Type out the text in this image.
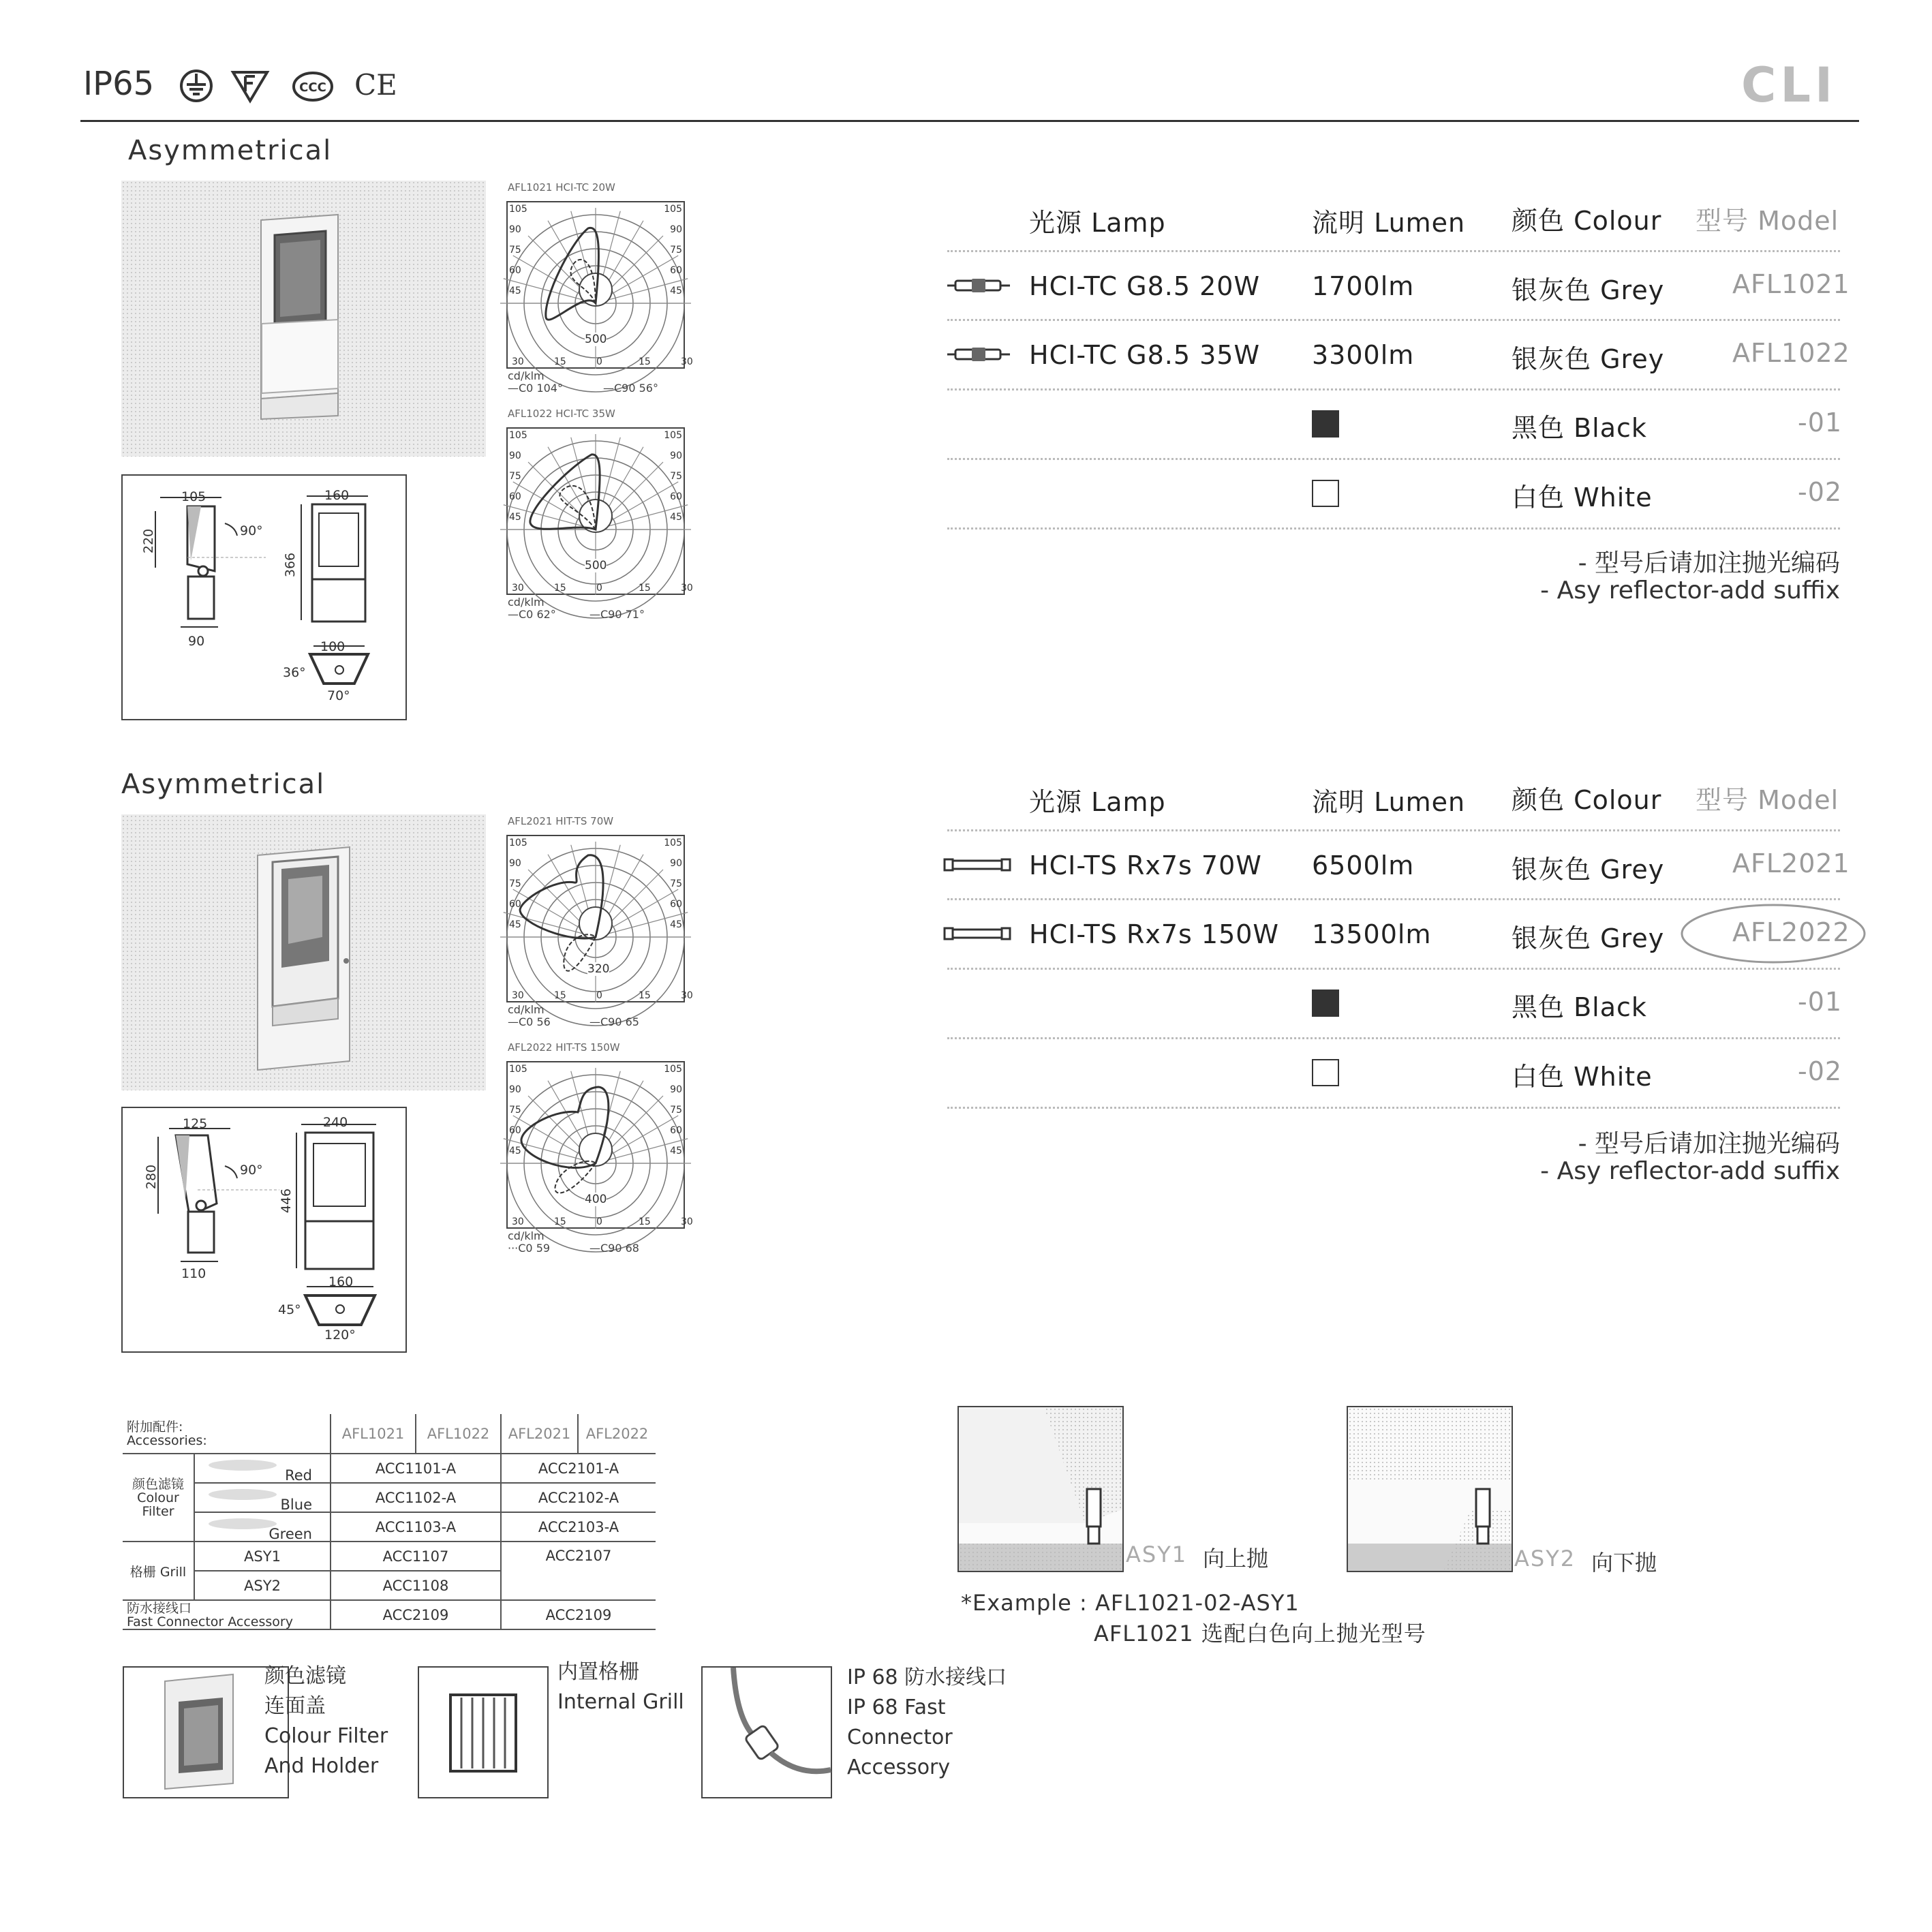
IP65	CCC CE	CLI
Asymmetrical
105	160
220
366
90°
90	100
36°
70°
AFL1021 HCI-TC 20W
105
90
75
60
45
105
90
75
60
45
30	15	0	15	30
cd/klm
—C0 104°	—C90 56°
500
AFL1022 HCI-TC 35W
105
90
75
60
45
105
90
75
60
45
30	15	0	15	30
cd/klm
—C0 62°	—C90 71°
500
光源 Lamp	流明 Lumen 颜色 Colour 型号 Model
HCI-TC G8.5 20W 1700lm	银灰色 Grey	AFL1021
HCI-TC G8.5 35W 3300lm	银灰色 Grey	AFL1022
黑色 Black	-01
白色 White	-02
- 型号后请加注抛光编码
- Asy reflector-add suffix
Asymmetrical
125	240
280
446
90°
110
160
45°
120°
AFL2021 HIT-TS 70W
105
90
75
60
45
105
90
75
60
45
30	15	0	15	30
cd/klm
—C0 56	—C90 65
320
AFL2022 HIT-TS 150W
105
90
75
60
45
105
90
75
60
45
30	15	0	15	30
cd/klm
···C0 59	—C90 68
400
光源 Lamp	流明 Lumen 颜色 Colour 型号 Model
HCI-TS Rx7s 70W 6500lm	银灰色 Grey	AFL2021
HCI-TS Rx7s 150W 13500lm	银灰色 Grey	AFL2022
黑色 Black	-01
白色 White	-02
- 型号后请加注抛光编码
- Asy reflector-add suffix
附加配件:
Accessories:		AFL1021	AFL1022	AFL2021	AFL2022

颜色滤镜
Colour
Filter	Red	ACC1101-A		ACC2101-A	

Blue	ACC1102-A		ACC2102-A	

Green	ACC1103-A		ACC2103-A	
格栅 Grill	ASY1	ACC1107		ACC2107	
	ASY2	ACC1108			

防水接线口
Fast Connector Accessory		ACC2109		ACC2109	
ASY1 向上抛	ASY2 向下抛
*Example : AFL1021-02-ASY1
AFL1021 选配白色向上抛光型号
颜色滤镜
连面盖
Colour Filter
And Holder
内置格栅
Internal Grill
IP 68 防水接线口
IP 68 Fast
Connector
Accessory
